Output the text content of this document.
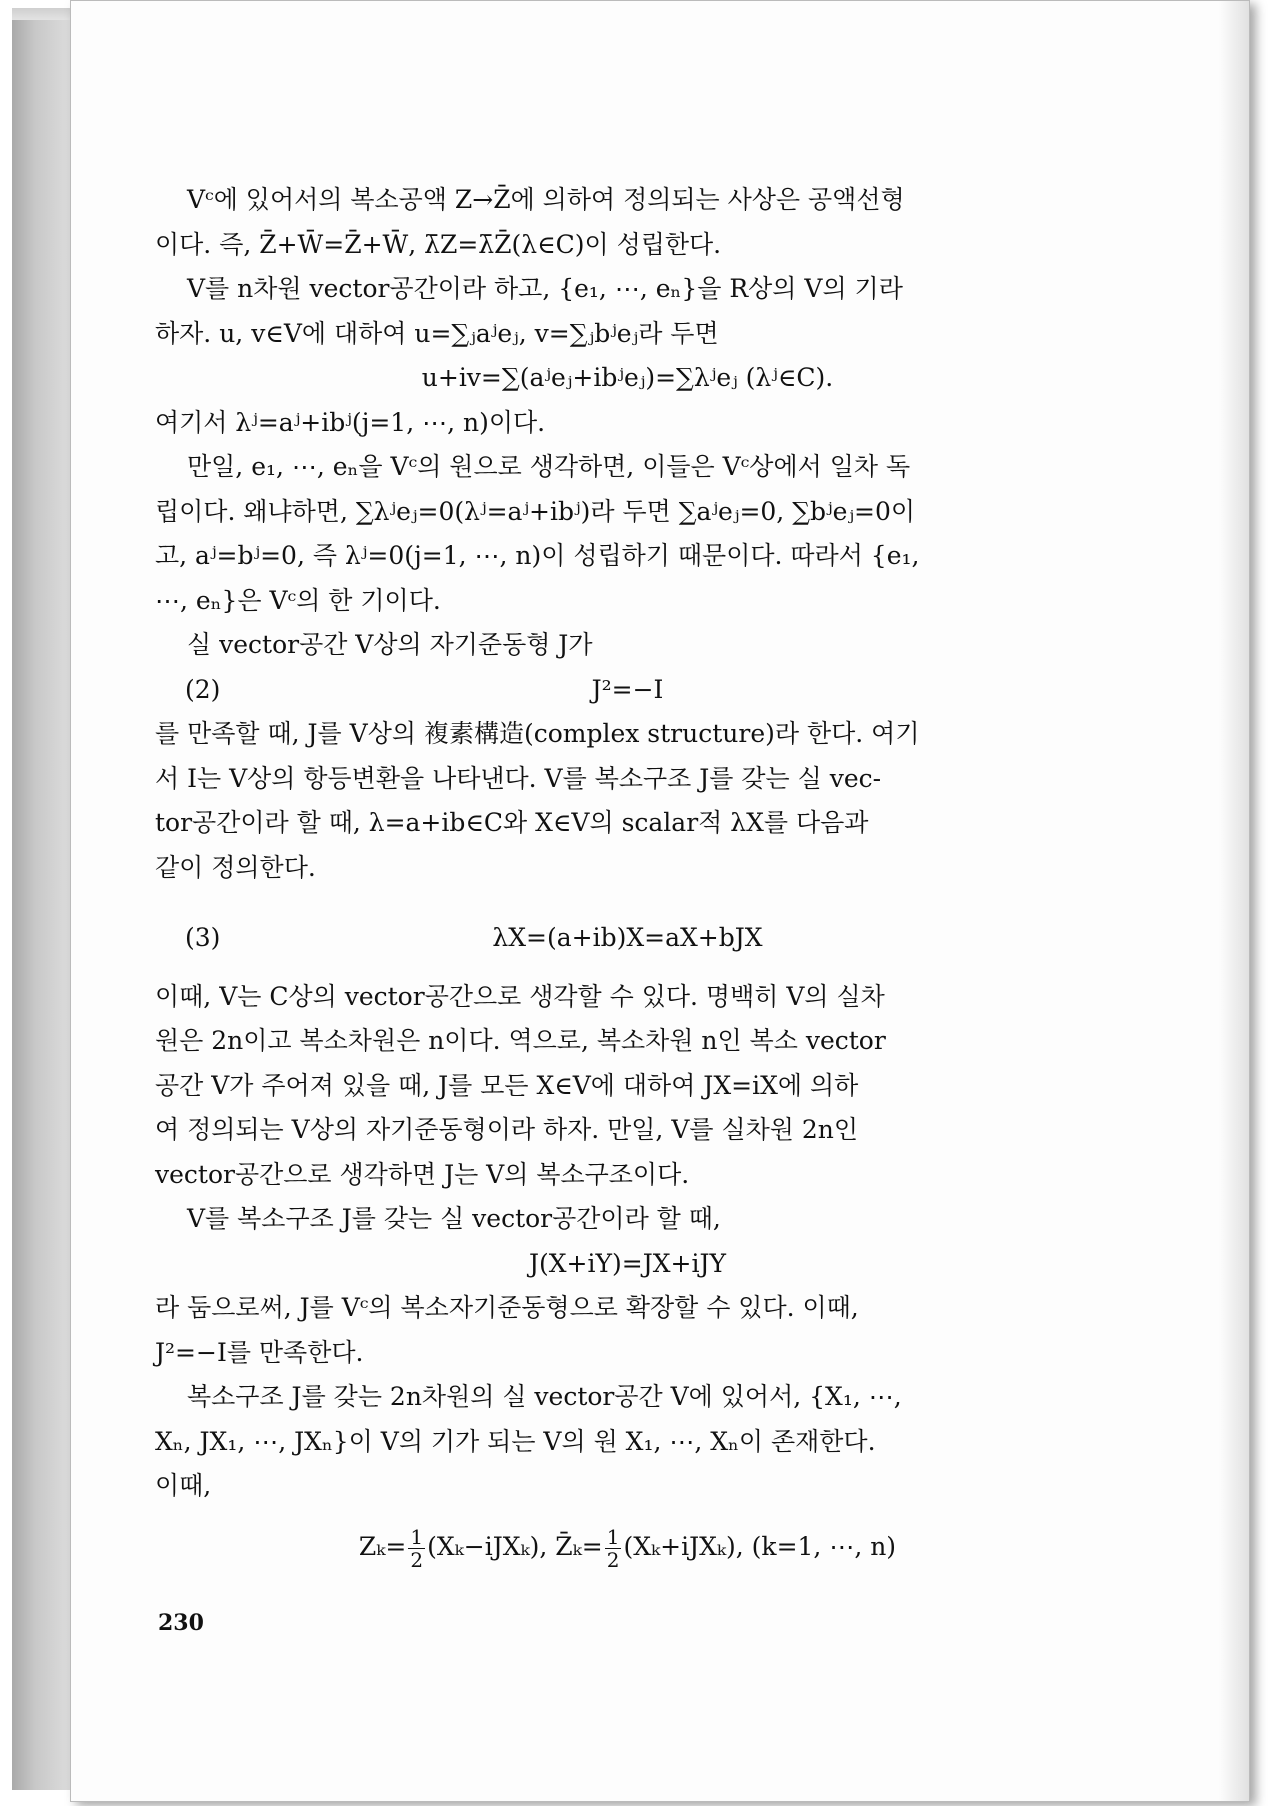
Vᶜ에 있어서의 복소공액 Z→Z̄에 의하여 정의되는 사상은 공액선형

이다. 즉, Z̄+W̄=Z̄+W̄, λ̄Z=λ̄Z̄(λ∈C)이 성립한다.

V를 n차원 vector공간이라 하고, {e₁, ⋯, eₙ}을 R상의 V의 기라

하자. u, v∈V에 대하여 u=∑ⱼaʲeⱼ, v=∑ⱼbʲeⱼ라 두면

u+iv=∑(aʲeⱼ+ibʲeⱼ)=∑λʲeⱼ (λʲ∈C).

여기서 λʲ=aʲ+ibʲ(j=1, ⋯, n)이다.

만일, e₁, ⋯, eₙ을 Vᶜ의 원으로 생각하면, 이들은 Vᶜ상에서 일차 독

립이다. 왜냐하면, ∑λʲeⱼ=0(λʲ=aʲ+ibʲ)라 두면 ∑aʲeⱼ=0, ∑bʲeⱼ=0이

고, aʲ=bʲ=0, 즉 λʲ=0(j=1, ⋯, n)이 성립하기 때문이다. 따라서 {e₁,

⋯, eₙ}은 Vᶜ의 한 기이다.

실 vector공간 V상의 자기준동형 J가

(2)	J²=−I

를 만족할 때, J를 V상의 複素構造(complex structure)라 한다. 여기

서 I는 V상의 항등변환을 나타낸다. V를 복소구조 J를 갖는 실 vec-

tor공간이라 할 때, λ=a+ib∈C와 X∈V의 scalar적 λX를 다음과

같이 정의한다.

(3)	λX=(a+ib)X=aX+bJX

이때, V는 C상의 vector공간으로 생각할 수 있다. 명백히 V의 실차

원은 2n이고 복소차원은 n이다. 역으로, 복소차원 n인 복소 vector

공간 V가 주어져 있을 때, J를 모든 X∈V에 대하여 JX=iX에 의하

여 정의되는 V상의 자기준동형이라 하자. 만일, V를 실차원 2n인

vector공간으로 생각하면 J는 V의 복소구조이다.

V를 복소구조 J를 갖는 실 vector공간이라 할 때,

J(X+iY)=JX+iJY

라 둠으로써, J를 Vᶜ의 복소자기준동형으로 확장할 수 있다. 이때,

J²=−I를 만족한다.

복소구조 J를 갖는 2n차원의 실 vector공간 V에 있어서, {X₁, ⋯,

Xₙ, JX₁, ⋯, JXₙ}이 V의 기가 되는 V의 원 X₁, ⋯, Xₙ이 존재한다.

이때,

$Z_k= \frac{1}{2} (X_k-iJX_k)$, Z̄ₖ= $\frac{1}{2} (X_k+iJX_k)$, (k=1, ⋯, n)

230
